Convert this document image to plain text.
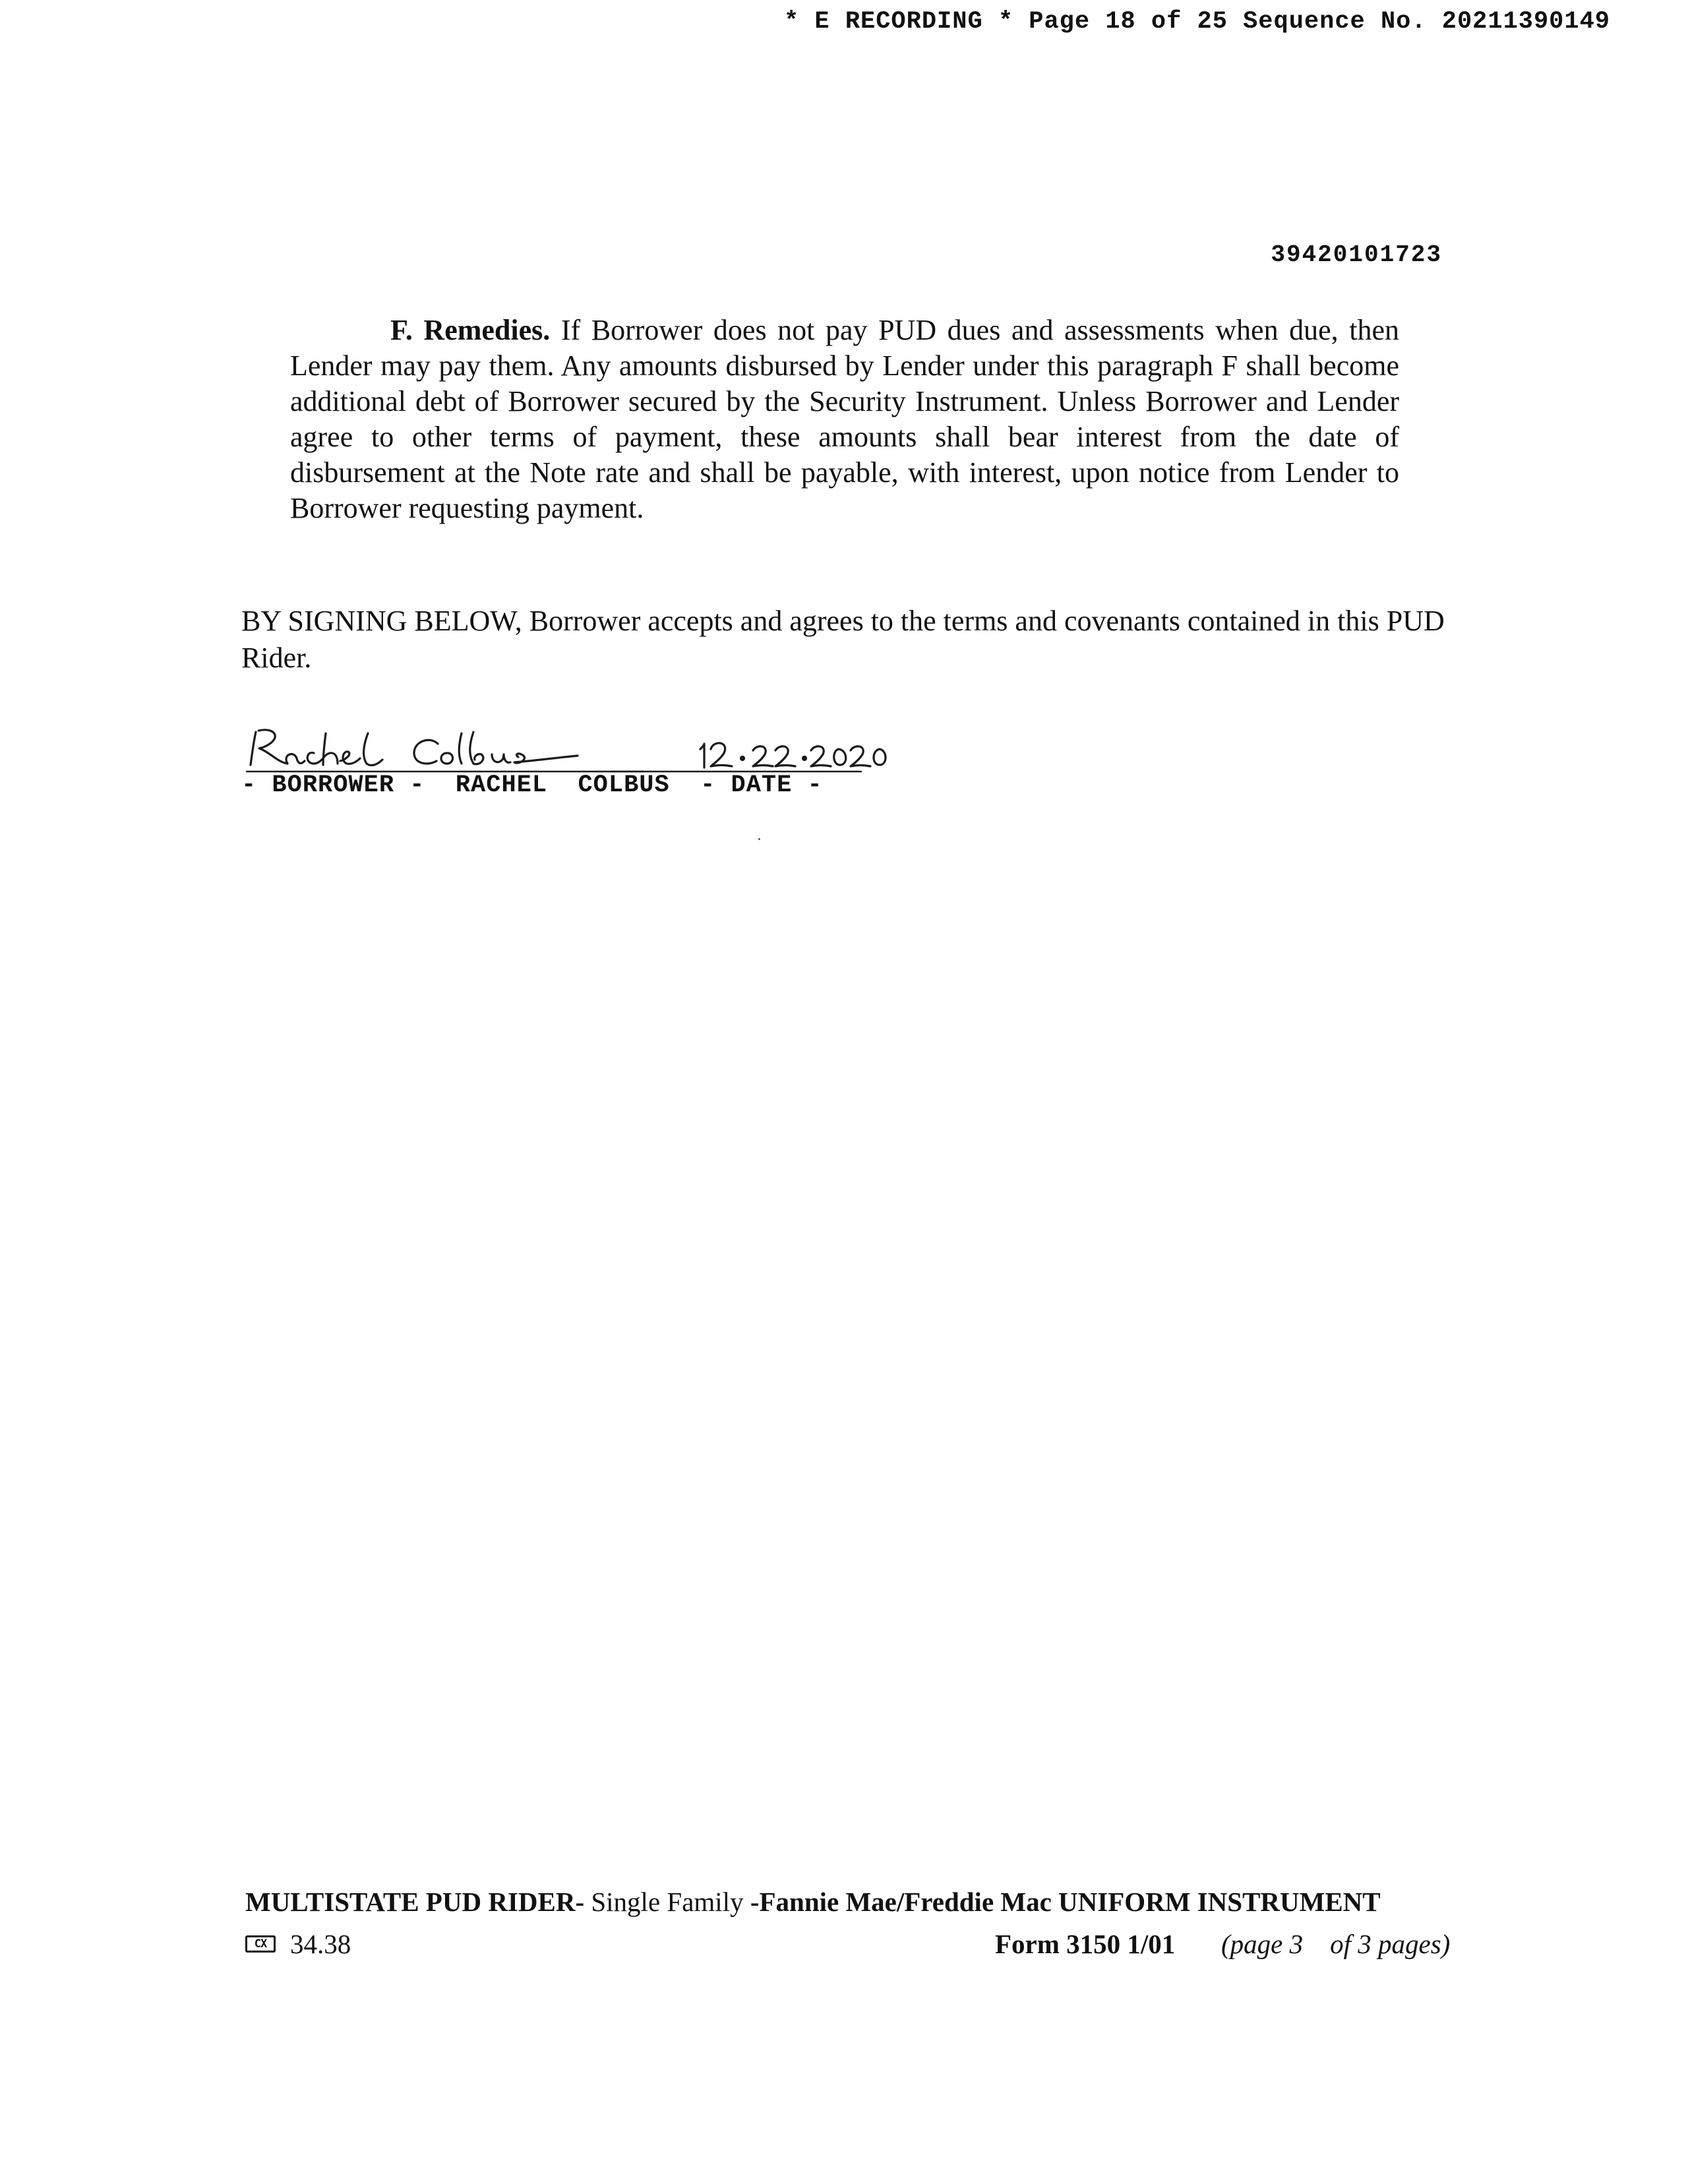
* E RECORDING * Page 18 of 25 Sequence No. 20211390149
39420101723
F. Remedies. If Borrower does not pay PUD dues and assessments when due, then Lender may pay them. Any amounts disbursed by Lender under this paragraph F shall become additional debt of Borrower secured by the Security Instrument. Unless Borrower and Lender agree to other terms of payment, these amounts shall bear interest from the date of disbursement at the Note rate and shall be payable, with interest, upon notice from Lender to Borrower requesting payment.
BY SIGNING BELOW, Borrower accepts and agrees to the terms and covenants contained in this PUD Rider.
- BORROWER -  RACHEL  COLBUS  - DATE -
MULTISTATE PUD RIDER- Single Family -Fannie Mae/Freddie Mac UNIFORM INSTRUMENT
CX 34.38	Form 3150 1/01 (page 3    of 3 pages)
